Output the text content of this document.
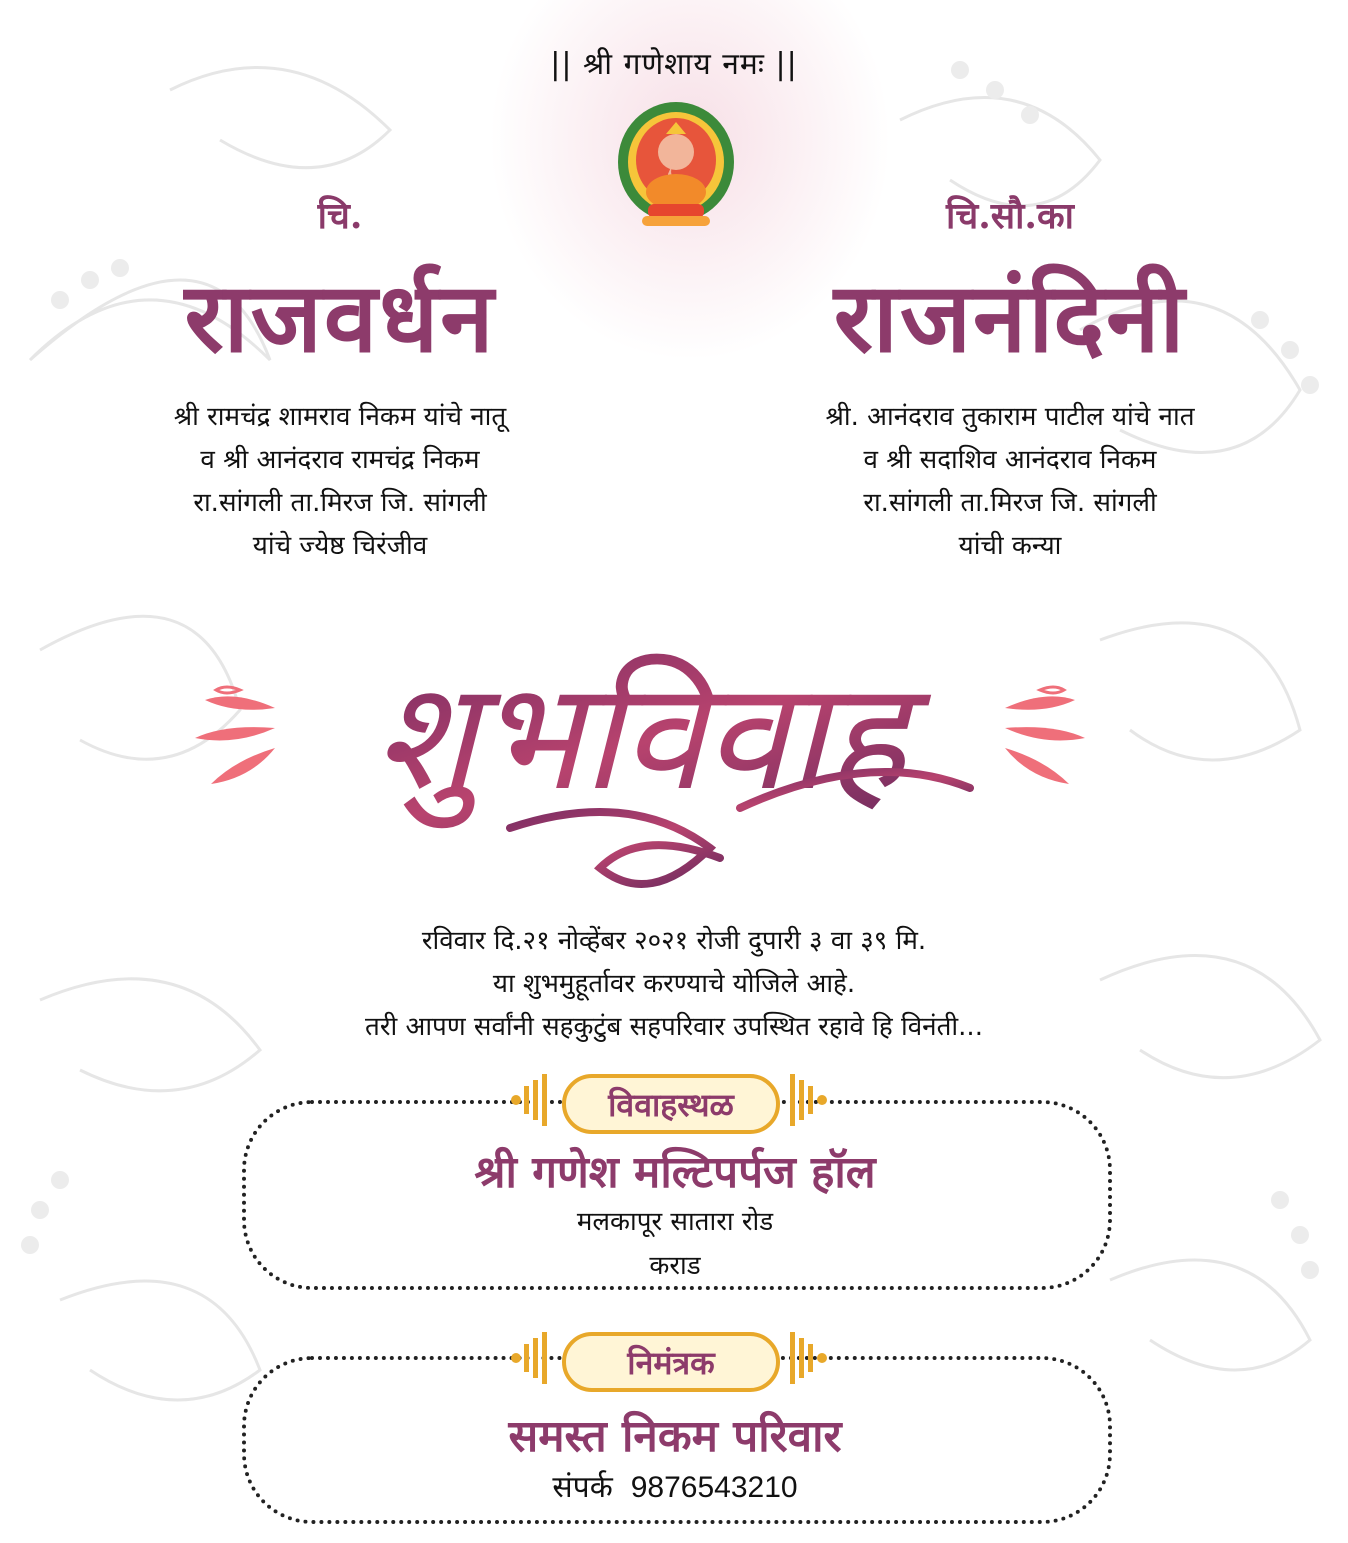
|| श्री गणेशाय नमः ||
चि.	चि.सौ.का
राजवर्धन	राजनंदिनी
श्री रामचंद्र शामराव निकम यांचे नातू
व श्री आनंदराव रामचंद्र निकम
रा.सांगली ता.मिरज जि. सांगली
यांचे ज्येष्ठ चिरंजीव
श्री. आनंदराव तुकाराम पाटील यांचे नात
व श्री सदाशिव आनंदराव निकम
रा.सांगली ता.मिरज जि. सांगली
यांची कन्या
शुभविवाह
रविवार दि.२१ नोव्हेंबर २०२१ रोजी दुपारी ३ वा ३९ मि.
या शुभमुहूर्तावर करण्याचे योजिले आहे.
तरी आपण सर्वांनी सहकुटुंब सहपरिवार उपस्थित रहावे हि विनंती...
विवाहस्थळ
श्री गणेश मल्टिपर्पज हॉल
मलकापूर सातारा रोड
कराड
निमंत्रक
समस्त निकम परिवार
संपर्क 9876543210
